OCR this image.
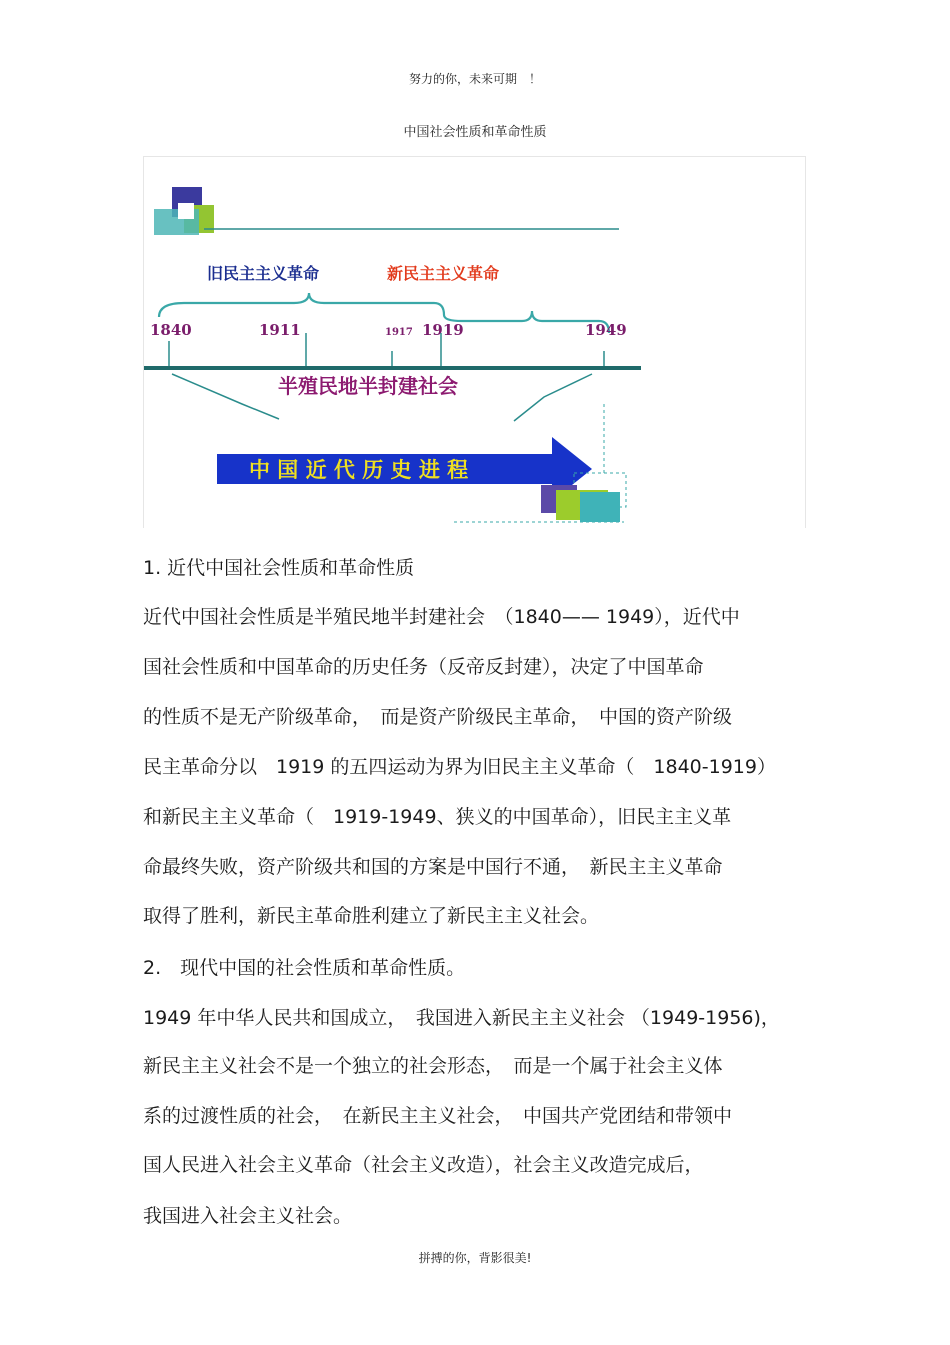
努力的你，未来可期　！
中国社会性质和革命性质
旧民主主义革命	新民主主义革命
1840	1911	1917 1919	1949
半殖民地半封建社会
中 国 近 代 历 史 进 程
1. 近代中国社会性质和革命性质
近代中国社会性质是半殖民地半封建社会　（1840—— 1949），近代中
国社会性质和中国革命的历史任务（反帝反封建），决定了中国革命
的性质不是无产阶级革命，　而是资产阶级民主革命，　中国的资产阶级
民主革命分以　1919 的五四运动为界为旧民主主义革命（　1840-1919）
和新民主主义革命（　1919-1949、狭义的中国革命），旧民主主义革
命最终失败，资产阶级共和国的方案是中国行不通，　新民主主义革命
取得了胜利，新民主革命胜利建立了新民主主义社会。
2.　现代中国的社会性质和革命性质。
1949 年中华人民共和国成立，　我国进入新民主主义社会 （1949-1956)，
新民主主义社会不是一个独立的社会形态，　而是一个属于社会主义体
系的过渡性质的社会，　在新民主主义社会，　中国共产党团结和带领中
国人民进入社会主义革命（社会主义改造），社会主义改造完成后，
我国进入社会主义社会。
拼搏的你，背影很美!
